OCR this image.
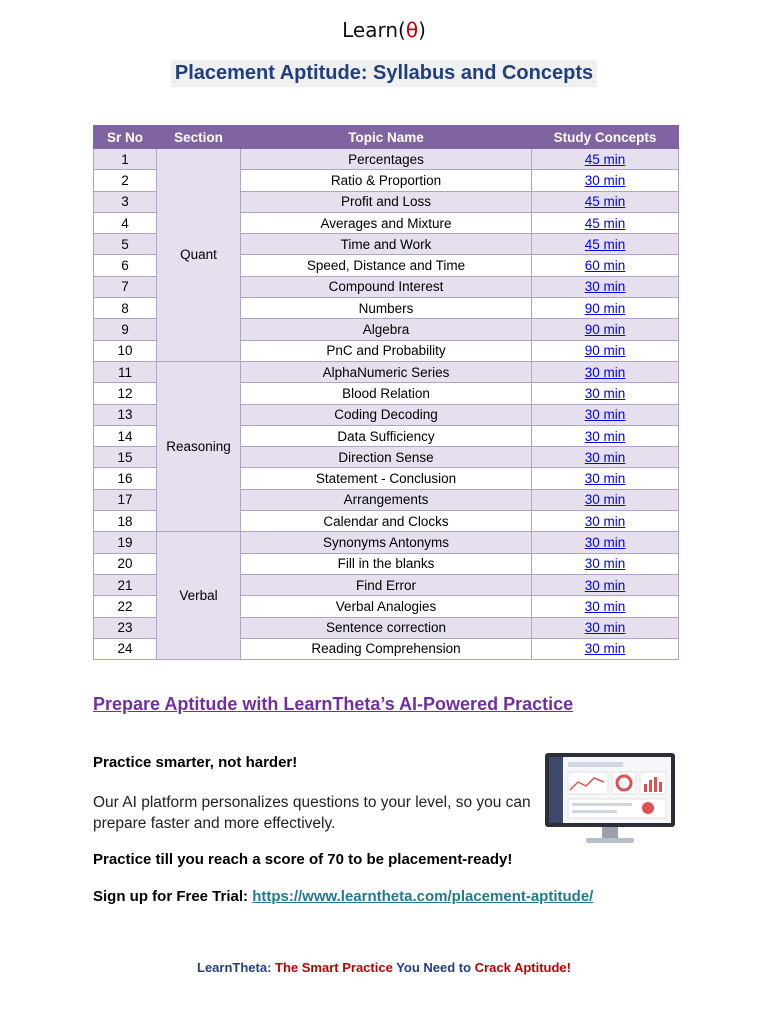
Learn(θ)
Placement Aptitude: Syllabus and Concepts
Sr No	Section	Topic Name	Study Concepts
1	Quant	Percentages	45 min
2		Ratio & Proportion	30 min
3		Profit and Loss	45 min
4		Averages and Mixture	45 min
5		Time and Work	45 min
6		Speed, Distance and Time	60 min
7		Compound Interest	30 min
8		Numbers	90 min
9		Algebra	90 min
10		PnC and Probability	90 min
11	Reasoning	AlphaNumeric Series	30 min
12		Blood Relation	30 min
13		Coding Decoding	30 min
14		Data Sufficiency	30 min
15		Direction Sense	30 min
16		Statement - Conclusion	30 min
17		Arrangements	30 min
18		Calendar and Clocks	30 min
19	Verbal	Synonyms Antonyms	30 min
20		Fill in the blanks	30 min
21		Find Error	30 min
22		Verbal Analogies	30 min
23		Sentence correction	30 min
24		Reading Comprehension	30 min
Prepare Aptitude with LearnTheta’s AI-Powered Practice
Practice smarter, not harder!
Our AI platform personalizes questions to your level, so you can prepare faster and more effectively.
Practice till you reach a score of 70 to be placement-ready!
Sign up for Free Trial: https://www.learntheta.com/placement-aptitude/
LearnTheta: The Smart Practice You Need to Crack Aptitude!
